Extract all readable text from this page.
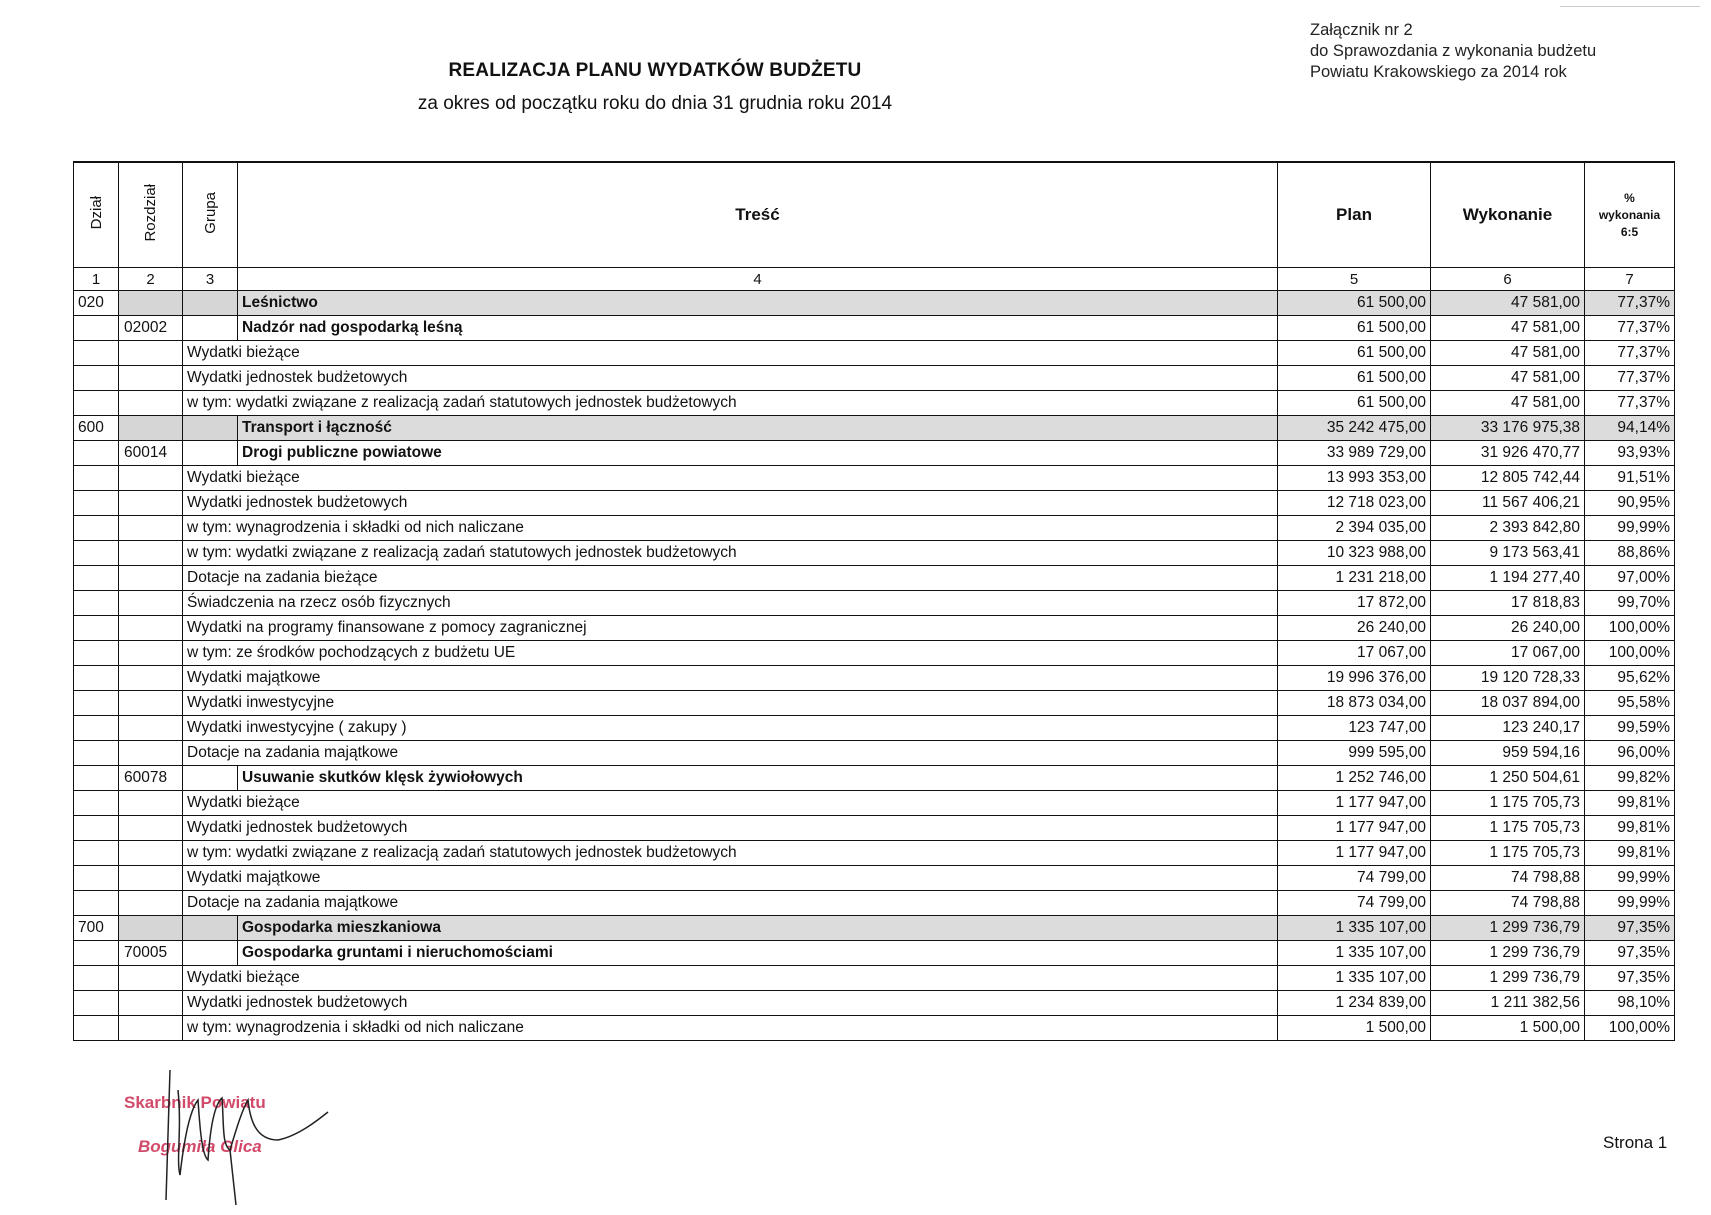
Załącznik nr 2
do Sprawozdania z wykonania budżetu
Powiatu Krakowskiego za 2014 rok
REALIZACJA PLANU WYDATKÓW BUDŻETU
za okres od początku roku do dnia 31 grudnia roku 2014
Dział	Rozdział	Grupa	Treść	Plan	Wykonanie	%
wykonania
6:5

1	2	3	4	5	6	7
020			Leśnictwo	61 500,00	47 581,00	77,37%
	02002		Nadzór nad gospodarką leśną	61 500,00	47 581,00	77,37%
		Wydatki bieżące		61 500,00	47 581,00	77,37%
		Wydatki jednostek budżetowych		61 500,00	47 581,00	77,37%
		w tym: wydatki związane z realizacją zadań statutowych jednostek budżetowych		61 500,00	47 581,00	77,37%
600			Transport i łączność	35 242 475,00	33 176 975,38	94,14%
	60014		Drogi publiczne powiatowe	33 989 729,00	31 926 470,77	93,93%
		Wydatki bieżące		13 993 353,00	12 805 742,44	91,51%
		Wydatki jednostek budżetowych		12 718 023,00	11 567 406,21	90,95%
		w tym: wynagrodzenia i składki od nich naliczane		2 394 035,00	2 393 842,80	99,99%
		w tym: wydatki związane z realizacją zadań statutowych jednostek budżetowych		10 323 988,00	9 173 563,41	88,86%
		Dotacje na zadania bieżące		1 231 218,00	1 194 277,40	97,00%
		Świadczenia na rzecz osób fizycznych		17 872,00	17 818,83	99,70%
		Wydatki na programy finansowane z pomocy zagranicznej		26 240,00	26 240,00	100,00%
		w tym: ze środków pochodzących z budżetu UE		17 067,00	17 067,00	100,00%
		Wydatki majątkowe		19 996 376,00	19 120 728,33	95,62%
		Wydatki inwestycyjne		18 873 034,00	18 037 894,00	95,58%
		Wydatki inwestycyjne ( zakupy )		123 747,00	123 240,17	99,59%
		Dotacje na zadania majątkowe		999 595,00	959 594,16	96,00%
	60078		Usuwanie skutków klęsk żywiołowych	1 252 746,00	1 250 504,61	99,82%
		Wydatki bieżące		1 177 947,00	1 175 705,73	99,81%
		Wydatki jednostek budżetowych		1 177 947,00	1 175 705,73	99,81%
		w tym: wydatki związane z realizacją zadań statutowych jednostek budżetowych		1 177 947,00	1 175 705,73	99,81%
		Wydatki majątkowe		74 799,00	74 798,88	99,99%
		Dotacje na zadania majątkowe		74 799,00	74 798,88	99,99%
700			Gospodarka mieszkaniowa	1 335 107,00	1 299 736,79	97,35%
	70005		Gospodarka gruntami i nieruchomościami	1 335 107,00	1 299 736,79	97,35%
		Wydatki bieżące		1 335 107,00	1 299 736,79	97,35%
		Wydatki jednostek budżetowych		1 234 839,00	1 211 382,56	98,10%
		w tym: wynagrodzenia i składki od nich naliczane		1 500,00	1 500,00	100,00%
Skarbnik Powiatu
Bogumiła Glica	Strona 1
